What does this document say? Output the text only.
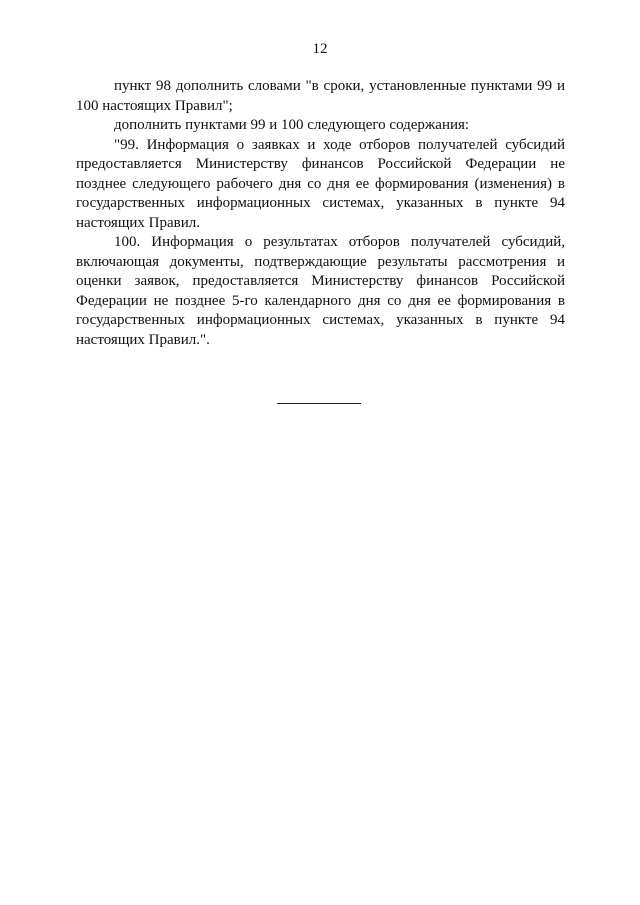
12

пункт 98 дополнить словами "в сроки, установленные пунктами 99 и 100 настоящих Правил";

дополнить пунктами 99 и 100 следующего содержания:

"99. Информация о заявках и ходе отборов получателей субсидий предоставляется Министерству финансов Российской Федерации не позднее следующего рабочего дня со дня ее формирования (изменения) в государственных информационных системах, указанных в пункте 94 настоящих Правил.

100. Информация о результатах отборов получателей субсидий, включающая документы, подтверждающие результаты рассмотрения и оценки заявок, предоставляется Министерству финансов Российской Федерации не позднее 5-го календарного дня со дня ее формирования в государственных информационных системах, указанных в пункте 94 настоящих Правил.".
